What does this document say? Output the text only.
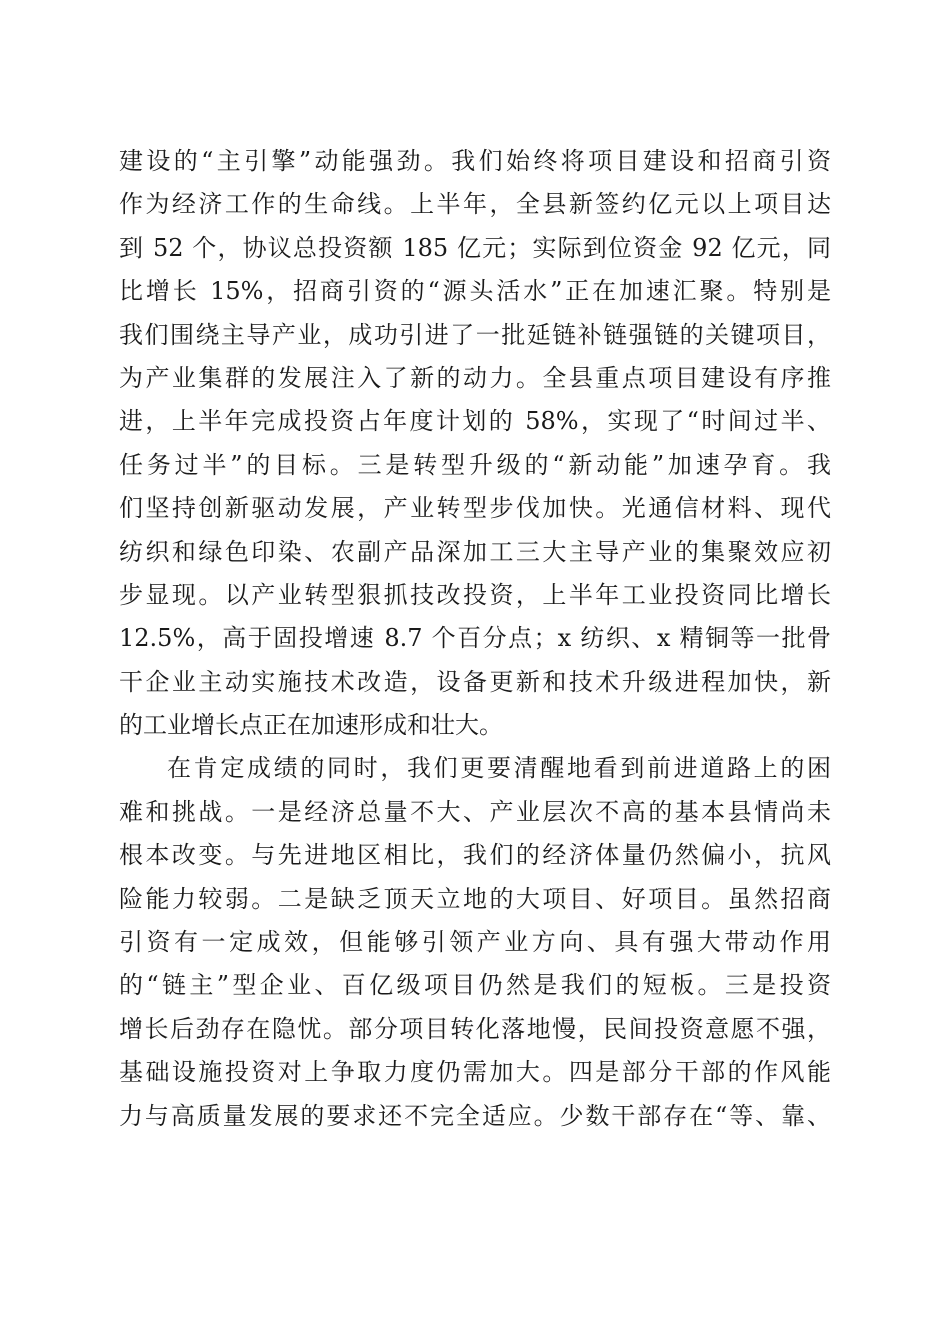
建设的“主引擎”动能强劲。我们始终将项目建设和招商引资
作为经济工作的生命线。上半年，全县新签约亿元以上项目达
到 52 个，协议总投资额 185 亿元；实际到位资金 92 亿元，同
比增长 15%，招商引资的“源头活水”正在加速汇聚。特别是
我们围绕主导产业，成功引进了一批延链补链强链的关键项目，
为产业集群的发展注入了新的动力。全县重点项目建设有序推
进，上半年完成投资占年度计划的 58%，实现了“时间过半、
任务过半”的目标。三是转型升级的“新动能”加速孕育。我
们坚持创新驱动发展，产业转型步伐加快。光通信材料、现代
纺织和绿色印染、农副产品深加工三大主导产业的集聚效应初
步显现。以产业转型狠抓技改投资，上半年工业投资同比增长
12.5%，高于固投增速 8.7 个百分点；x 纺织、x 精铜等一批骨
干企业主动实施技术改造，设备更新和技术升级进程加快，新
的工业增长点正在加速形成和壮大。
在肯定成绩的同时，我们更要清醒地看到前进道路上的困
难和挑战。一是经济总量不大、产业层次不高的基本县情尚未
根本改变。与先进地区相比，我们的经济体量仍然偏小，抗风
险能力较弱。二是缺乏顶天立地的大项目、好项目。虽然招商
引资有一定成效，但能够引领产业方向、具有强大带动作用
的“链主”型企业、百亿级项目仍然是我们的短板。三是投资
增长后劲存在隐忧。部分项目转化落地慢，民间投资意愿不强，
基础设施投资对上争取力度仍需加大。四是部分干部的作风能
力与高质量发展的要求还不完全适应。少数干部存在“等、靠、
